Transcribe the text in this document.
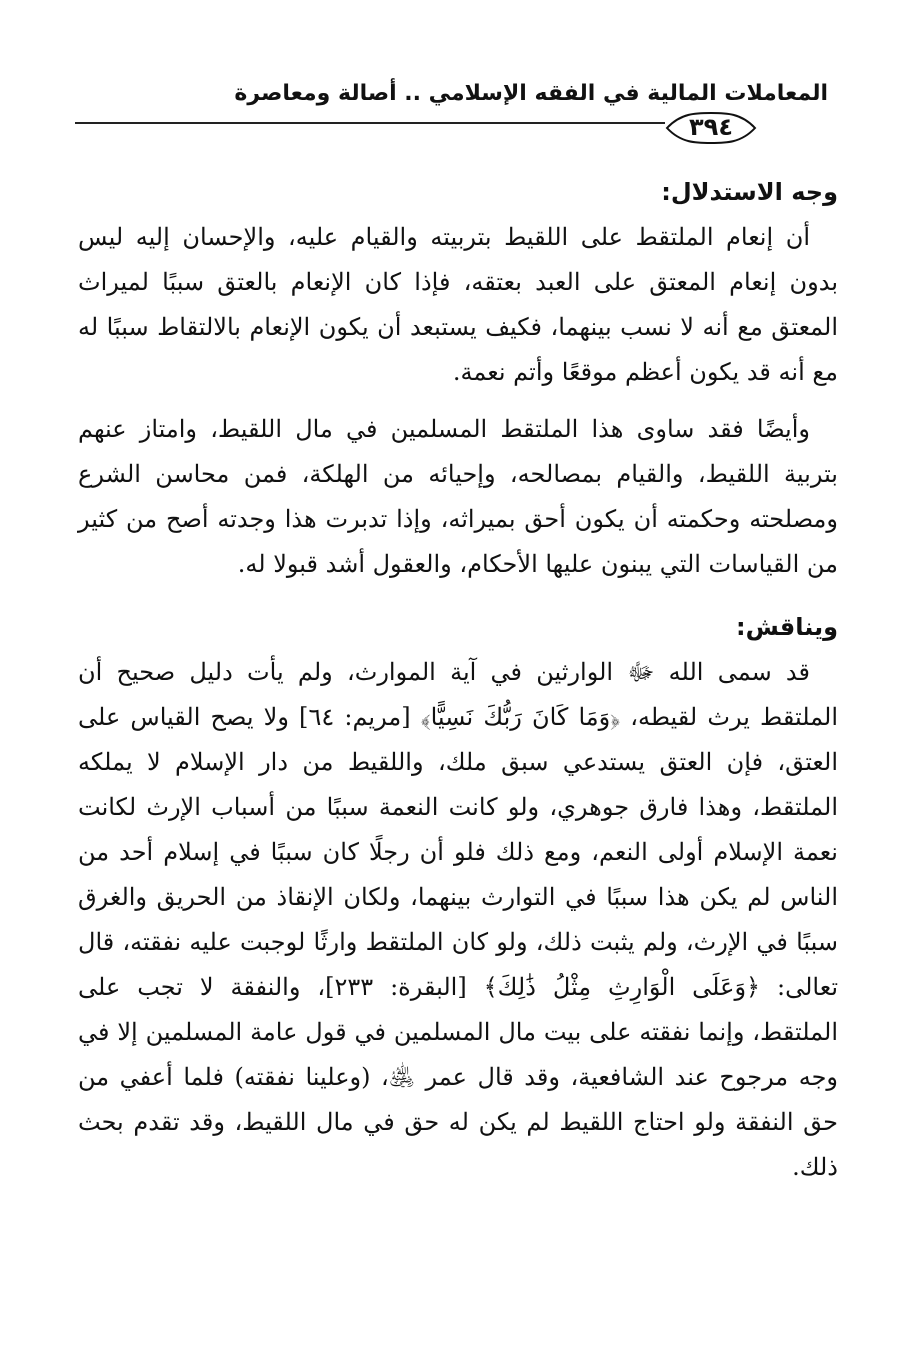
المعاملات المالية في الفقه الإسلامي .. أصالة ومعاصرة
٣٩٤
وجه الاستدلال:

أن إنعام الملتقط على اللقيط بتربيته والقيام عليه، والإحسان إليه ليس بدون إنعام المعتق على العبد بعتقه، فإذا كان الإنعام بالعتق سببًا لميراث المعتق مع أنه لا نسب بينهما، فكيف يستبعد أن يكون الإنعام بالالتقاط سببًا له مع أنه قد يكون أعظم موقعًا وأتم نعمة.

وأيضًا فقد ساوى هذا الملتقط المسلمين في مال اللقيط، وامتاز عنهم بتربية اللقيط، والقيام بمصالحه، وإحيائه من الهلكة، فمن محاسن الشرع ومصلحته وحكمته أن يكون أحق بميراثه، وإذا تدبرت هذا وجدته أصح من كثير من القياسات التي يبنون عليها الأحكام، والعقول أشد قبولا له.

ويناقش:

قد سمى الله ﷻ الوارثين في آية الموارث، ولم يأت دليل صحيح أن الملتقط يرث لقيطه، ﴿وَمَا كَانَ رَبُّكَ نَسِيًّا﴾ [مريم: ٦٤] ولا يصح القياس على العتق، فإن العتق يستدعي سبق ملك، واللقيط من دار الإسلام لا يملكه الملتقط، وهذا فارق جوهري، ولو كانت النعمة سببًا من أسباب الإرث لكانت نعمة الإسلام أولى النعم، ومع ذلك فلو أن رجلًا كان سببًا في إسلام أحد من الناس لم يكن هذا سببًا في التوارث بينهما، ولكان الإنقاذ من الحريق والغرق سببًا في الإرث، ولم يثبت ذلك، ولو كان الملتقط وارثًا لوجبت عليه نفقته، قال تعالى: ﴿وَعَلَى الْوَارِثِ مِثْلُ ذَٰلِكَ﴾ [البقرة: ٢٣٣]، والنفقة لا تجب على الملتقط، وإنما نفقته على بيت مال المسلمين في قول عامة المسلمين إلا في وجه مرجوح عند الشافعية، وقد قال عمر ﵁، (وعلينا نفقته) فلما أعفي من حق النفقة ولو احتاج اللقيط لم يكن له حق في مال اللقيط، وقد تقدم بحث ذلك.
